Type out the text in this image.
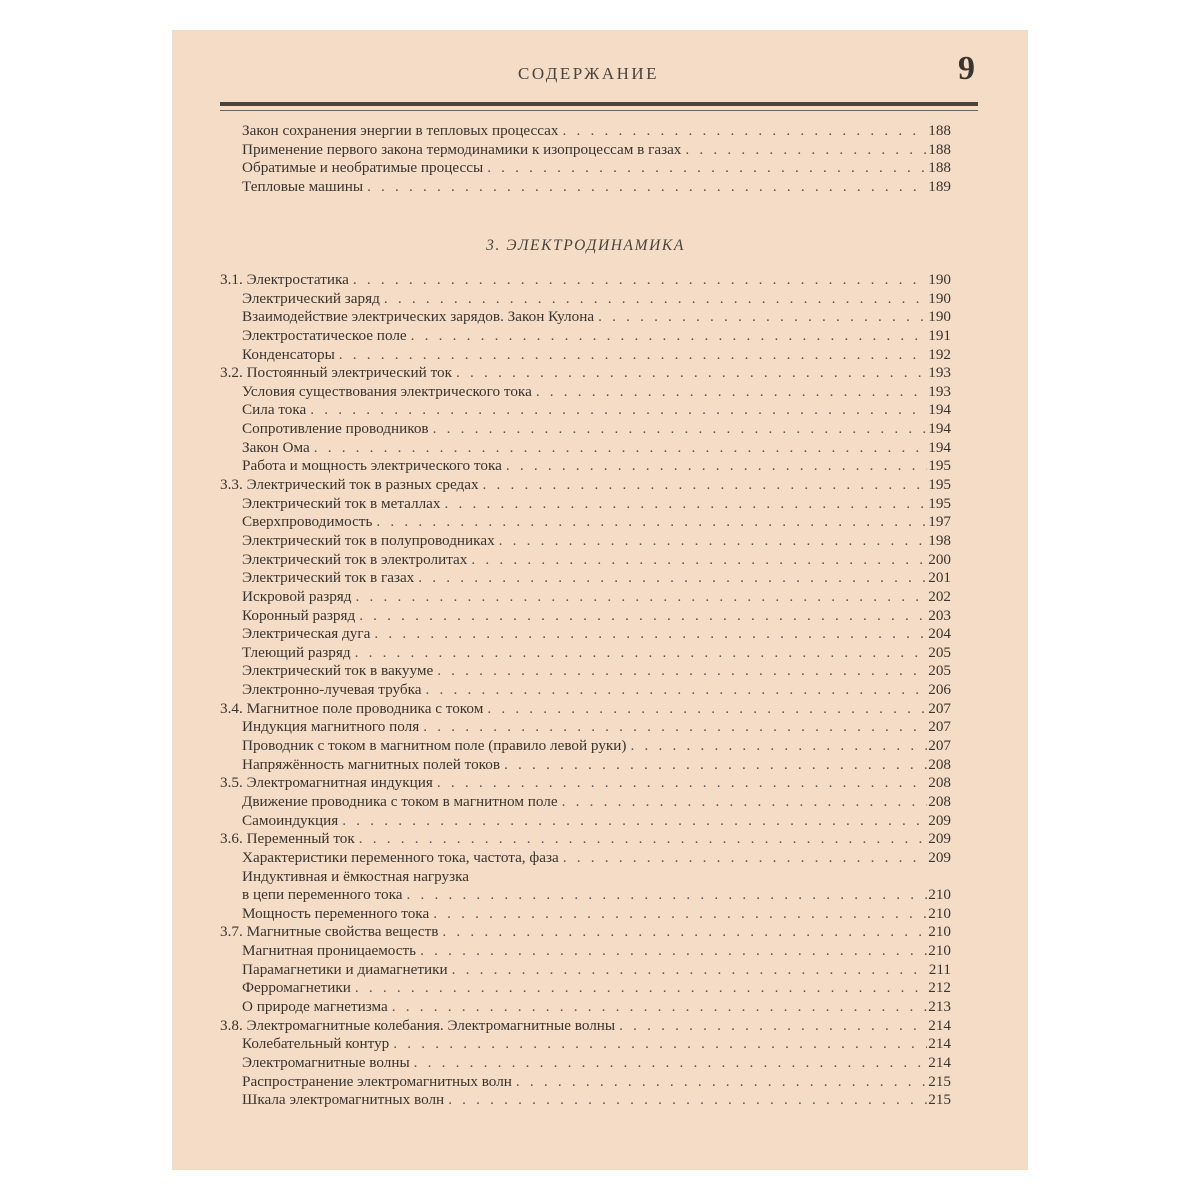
СОДЕРЖАНИЕ	9
Закон сохранения энергии в тепловых процессах . . .	188
Применение первого закона термодинамики к изопроцессам в газах . . .	188
Обратимые и необратимые процессы . . .	188
Тепловые машины . . .	189
3. ЭЛЕКТРОДИНАМИКА
3.1. Электростатика . . .	190
Электрический заряд . . .	190
Взаимодействие электрических зарядов. Закон Кулона . . .	190
Электростатическое поле . . .	191
Конденсаторы . . .	192
3.2. Постоянный электрический ток . . .	193
Условия существования электрического тока . . .	193
Сила тока . . .	194
Сопротивление проводников . . .	194
Закон Ома . . .	194
Работа и мощность электрического тока . . .	195
3.3. Электрический ток в разных средах . . .	195
Электрический ток в металлах . . .	195
Сверхпроводимость . . .	197
Электрический ток в полупроводниках . . .	198
Электрический ток в электролитах . . .	200
Электрический ток в газах . . .	201
Искровой разряд . . .	202
Коронный разряд . . .	203
Электрическая дуга . . .	204
Тлеющий разряд . . .	205
Электрический ток в вакууме . . .	205
Электронно-лучевая трубка . . .	206
3.4. Магнитное поле проводника с током . . .	207
Индукция магнитного поля . . .	207
Проводник с током в магнитном поле (правило левой руки) . . .	207
Напряжённость магнитных полей токов . . .	208
3.5. Электромагнитная индукция . . .	208
Движение проводника с током в магнитном поле . . .	208
Самоиндукция . . .	209
3.6. Переменный ток . . .	209
Характеристики переменного тока, частота, фаза . . .	209
Индуктивная и ёмкостная нагрузка
в цепи переменного тока . . .	210
Мощность переменного тока . . .	210
3.7. Магнитные свойства веществ . . .	210
Магнитная проницаемость . . .	210
Парамагнетики и диамагнетики . . .	211
Ферромагнетики . . .	212
О природе магнетизма . . .	213
3.8. Электромагнитные колебания. Электромагнитные волны . . .	214
Колебательный контур . . .	214
Электромагнитные волны . . .	214
Распространение электромагнитных волн . . .	215
Шкала электромагнитных волн . . .	215
